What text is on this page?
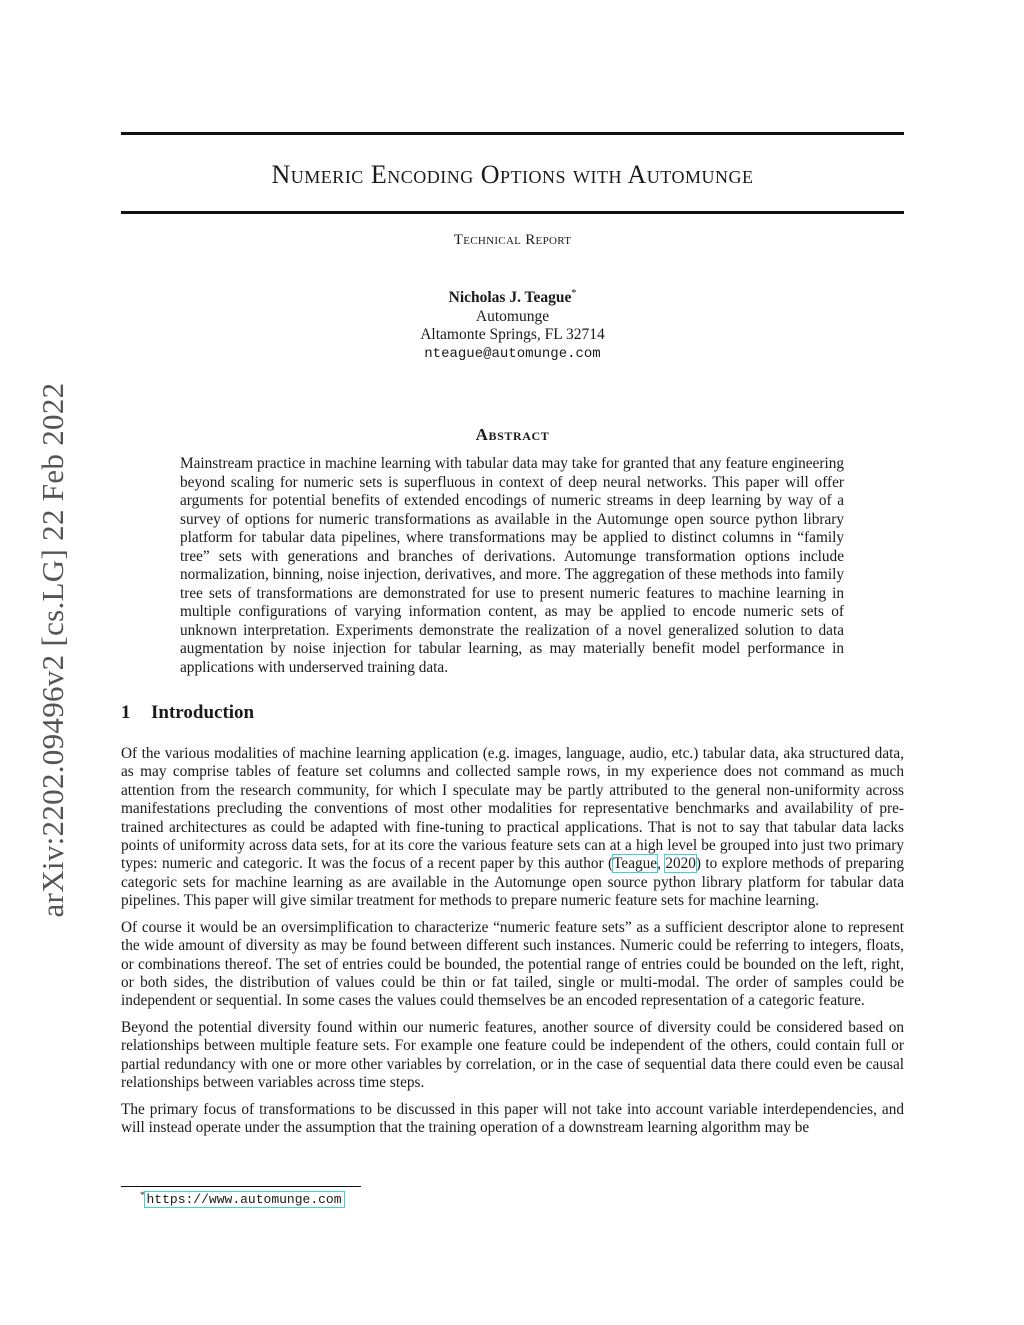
arXiv:2202.09496v2 [cs.LG] 22 Feb 2022
Numeric Encoding Options with Automunge
Technical Report
Nicholas J. Teague*
Automunge
Altamonte Springs, FL 32714
nteague@automunge.com
Abstract

Mainstream practice in machine learning with tabular data may take for granted that any feature engineering beyond scaling for numeric sets is superfluous in context of deep neural networks. This paper will offer arguments for potential benefits of extended encodings of numeric streams in deep learning by way of a survey of options for numeric transformations as available in the Automunge open source python library platform for tabular data pipelines, where transformations may be applied to distinct columns in “family tree” sets with generations and branches of derivations. Automunge transformation options include normalization, binning, noise injection, derivatives, and more. The aggregation of these methods into family tree sets of transformations are demonstrated for use to present numeric features to machine learning in multiple configurations of varying information content, as may be applied to encode numeric sets of unknown interpretation. Experiments demonstrate the realization of a novel generalized solution to data augmentation by noise injection for tabular learning, as may materially benefit model performance in applications with underserved training data.

1 Introduction

Of the various modalities of machine learning application (e.g. images, language, audio, etc.) tabular data, aka structured data, as may comprise tables of feature set columns and collected sample rows, in my experience does not command as much attention from the research community, for which I speculate may be partly attributed to the general non-uniformity across manifestations precluding the conventions of most other modalities for representative benchmarks and availability of pre-trained architectures as could be adapted with fine-tuning to practical applications. That is not to say that tabular data lacks points of uniformity across data sets, for at its core the various feature sets can at a high level be grouped into just two primary types: numeric and categoric. It was the focus of a recent paper by this author (Teague, 2020) to explore methods of preparing categoric sets for machine learning as are available in the Automunge open source python library platform for tabular data pipelines. This paper will give similar treatment for methods to prepare numeric feature sets for machine learning.

Of course it would be an oversimplification to characterize “numeric feature sets” as a sufficient descriptor alone to represent the wide amount of diversity as may be found between different such instances. Numeric could be referring to integers, floats, or combinations thereof. The set of entries could be bounded, the potential range of entries could be bounded on the left, right, or both sides, the distribution of values could be thin or fat tailed, single or multi-modal. The order of samples could be independent or sequential. In some cases the values could themselves be an encoded representation of a categoric feature.

Beyond the potential diversity found within our numeric features, another source of diversity could be considered based on relationships between multiple feature sets. For example one feature could be independent of the others, could contain full or partial redundancy with one or more other variables by correlation, or in the case of sequential data there could even be causal relationships between variables across time steps.

The primary focus of transformations to be discussed in this paper will not take into account variable interdependencies, and will instead operate under the assumption that the training operation of a downstream learning algorithm may be

* https://www.automunge.com
